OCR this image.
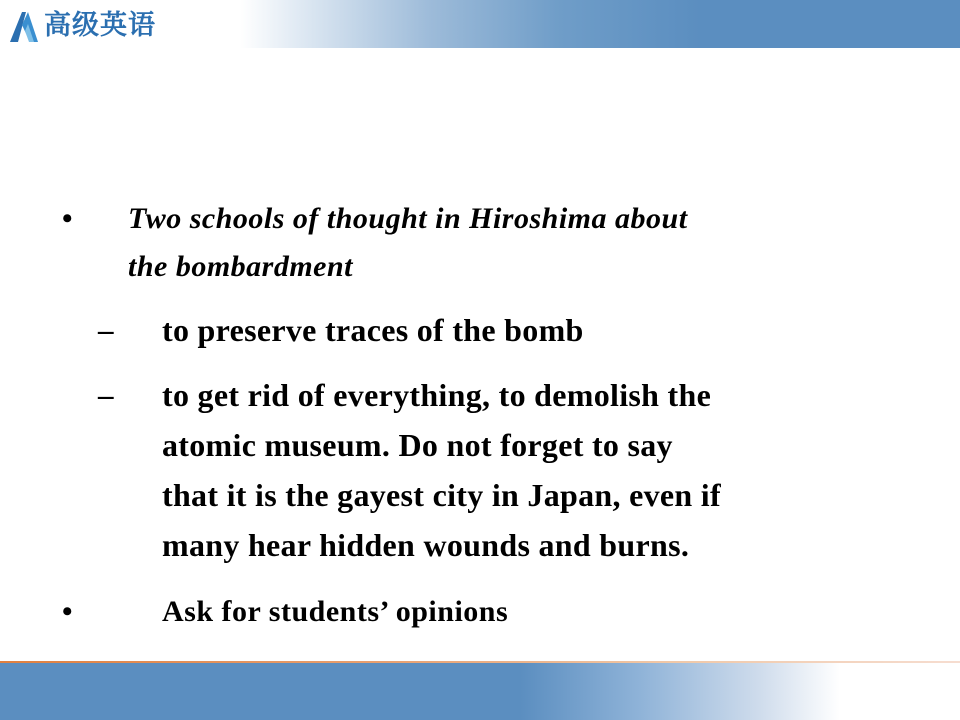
高级英语
• Two schools of thought in Hiroshima about
the bombardment
– to preserve traces of the bomb
– to get rid of everything, to demolish the
atomic museum. Do not forget to say
that it is the gayest city in Japan, even if
many hear hidden wounds and burns.
•	Ask for students’ opinions
